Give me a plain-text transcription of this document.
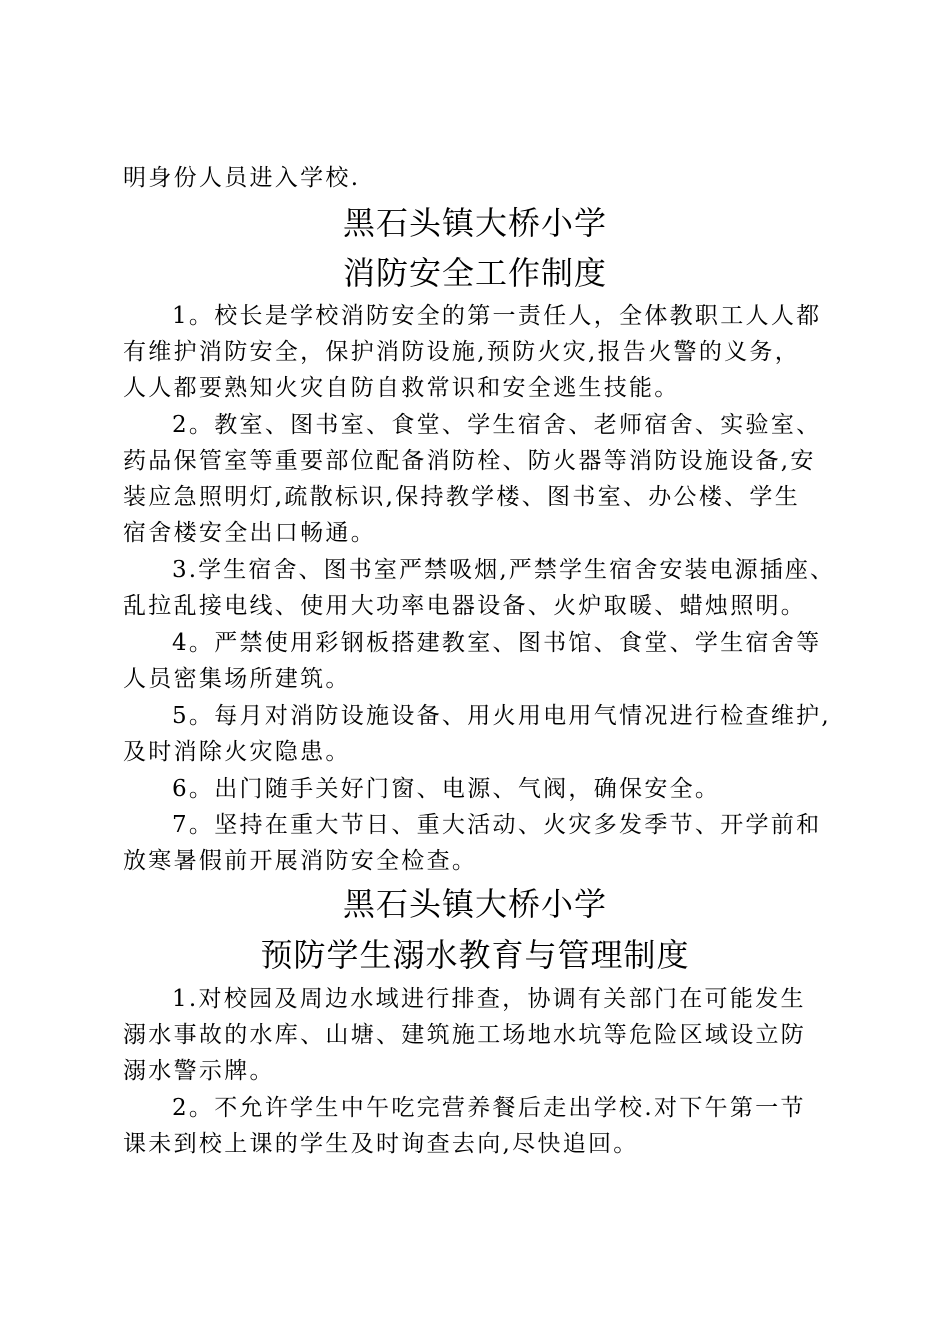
明身份人员进入学校.
黑石头镇大桥小学
消防安全工作制度
1。校长是学校消防安全的第一责任人，全体教职工人人都
有维护消防安全，保护消防设施,预防火灾,报告火警的义务，
人人都要熟知火灾自防自救常识和安全逃生技能。
2。教室、图书室、食堂、学生宿舍、老师宿舍、实验室、
药品保管室等重要部位配备消防栓、防火器等消防设施设备,安
装应急照明灯,疏散标识,保持教学楼、图书室、办公楼、学生
宿舍楼安全出口畅通。
3.学生宿舍、图书室严禁吸烟,严禁学生宿舍安装电源插座、
乱拉乱接电线、使用大功率电器设备、火炉取暖、蜡烛照明。
4。严禁使用彩钢板搭建教室、图书馆、食堂、学生宿舍等
人员密集场所建筑。
5。每月对消防设施设备、用火用电用气情况进行检查维护,
及时消除火灾隐患。
6。出门随手关好门窗、电源、气阀，确保安全。
7。坚持在重大节日、重大活动、火灾多发季节、开学前和
放寒暑假前开展消防安全检查。
黑石头镇大桥小学
预防学生溺水教育与管理制度
1.对校园及周边水域进行排查，协调有关部门在可能发生
溺水事故的水库、山塘、建筑施工场地水坑等危险区域设立防
溺水警示牌。
2。不允许学生中午吃完营养餐后走出学校.对下午第一节
课未到校上课的学生及时询查去向,尽快追回。
